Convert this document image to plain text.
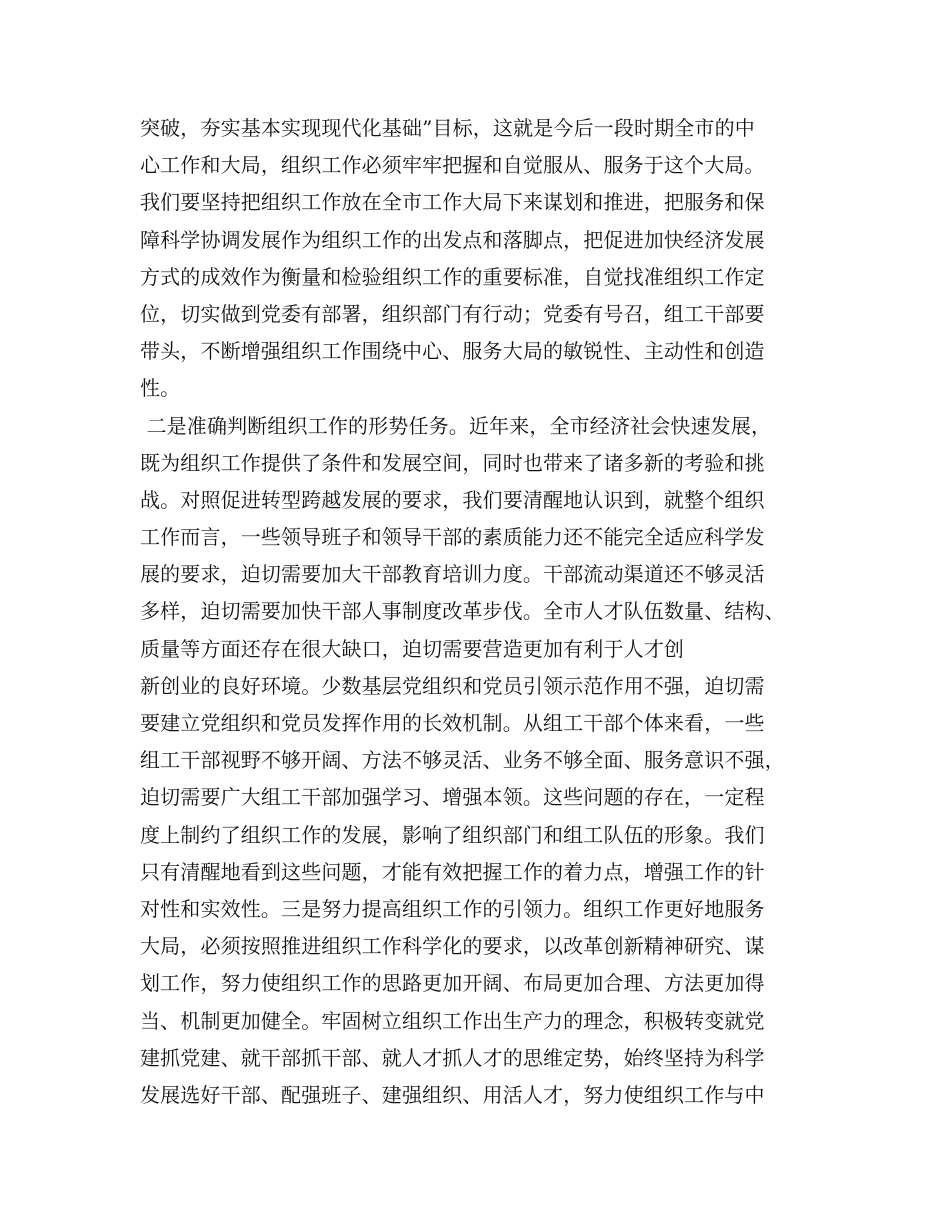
突破，夯实基本实现现代化基础”目标，这就是今后一段时期全市的中
心工作和大局，组织工作必须牢牢把握和自觉服从、服务于这个大局。
我们要坚持把组织工作放在全市工作大局下来谋划和推进，把服务和保
障科学协调发展作为组织工作的出发点和落脚点，把促进加快经济发展
方式的成效作为衡量和检验组织工作的重要标准，自觉找准组织工作定
位，切实做到党委有部署，组织部门有行动；党委有号召，组工干部要
带头，不断增强组织工作围绕中心、服务大局的敏锐性、主动性和创造
性。
二是准确判断组织工作的形势任务。近年来，全市经济社会快速发展，
既为组织工作提供了条件和发展空间，同时也带来了诸多新的考验和挑
战。对照促进转型跨越发展的要求，我们要清醒地认识到，就整个组织
工作而言，一些领导班子和领导干部的素质能力还不能完全适应科学发
展的要求，迫切需要加大干部教育培训力度。干部流动渠道还不够灵活
多样，迫切需要加快干部人事制度改革步伐。全市人才队伍数量、结构、
质量等方面还存在很大缺口，迫切需要营造更加有利于人才创
新创业的良好环境。少数基层党组织和党员引领示范作用不强，迫切需
要建立党组织和党员发挥作用的长效机制。从组工干部个体来看，一些
组工干部视野不够开阔、方法不够灵活、业务不够全面、服务意识不强，
迫切需要广大组工干部加强学习、增强本领。这些问题的存在，一定程
度上制约了组织工作的发展，影响了组织部门和组工队伍的形象。我们
只有清醒地看到这些问题，才能有效把握工作的着力点，增强工作的针
对性和实效性。三是努力提高组织工作的引领力。组织工作更好地服务
大局，必须按照推进组织工作科学化的要求，以改革创新精神研究、谋
划工作，努力使组织工作的思路更加开阔、布局更加合理、方法更加得
当、机制更加健全。牢固树立组织工作出生产力的理念，积极转变就党
建抓党建、就干部抓干部、就人才抓人才的思维定势，始终坚持为科学
发展选好干部、配强班子、建强组织、用活人才，努力使组织工作与中
